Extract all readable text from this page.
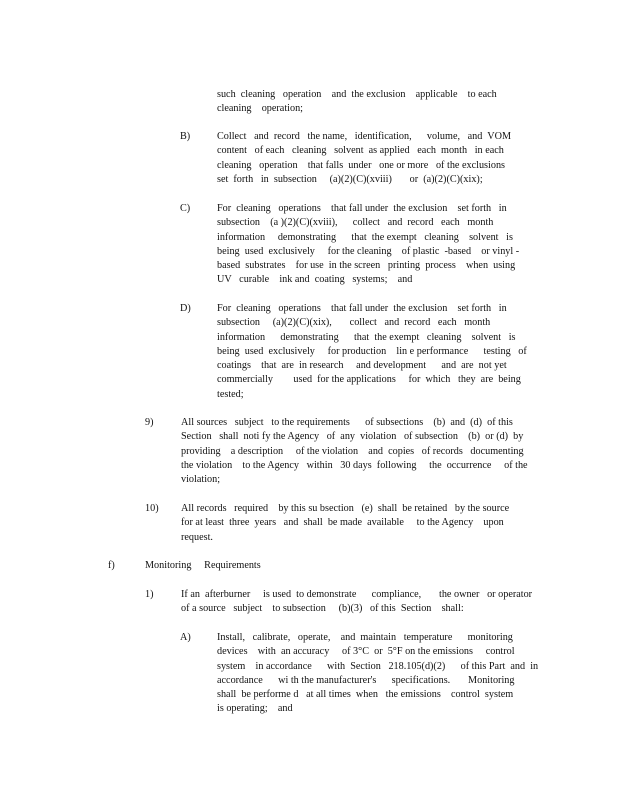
such  cleaning   operation    and  the exclusion    applicable    to each
cleaning    operation;
B)	Collect   and  record   the name,   identification,      volume,   and  VOM
content   of each   cleaning   solvent  as applied   each  month   in each
cleaning   operation    that falls  under   one or more   of the exclusions
set  forth   in  subsection     (a)(2)(C)(xviii)       or  (a)(2)(C)(xix);
C)	For  cleaning   operations    that fall under  the exclusion    set forth   in
subsection    (a )(2)(C)(xviii),      collect   and  record   each   month
information     demonstrating      that  the exempt   cleaning    solvent   is
being  used  exclusively     for the cleaning    of plastic  -based    or vinyl -
based  substrates    for use  in the screen   printing  process    when  using
UV   curable    ink and  coating   systems;    and
D)	For  cleaning   operations    that fall under  the exclusion    set forth   in
subsection     (a)(2)(C)(xix),       collect   and  record   each   month
information      demonstrating      that  the exempt   cleaning    solvent   is
being  used  exclusively     for production    lin e performance      testing   of
coatings    that  are  in research     and development      and  are  not yet
commercially        used  for the applications     for  which   they  are  being
tested;
9)	All sources   subject   to the requirements      of subsections    (b)  and  (d)  of this
Section   shall  noti fy the Agency   of  any  violation   of subsection    (b)  or (d)  by
providing    a description     of the violation    and  copies   of records   documenting
the violation    to the Agency   within   30 days  following     the  occurrence     of the
violation;
10) All records   required    by this su bsection   (e)  shall  be retained   by the source
for at least  three  years   and  shall  be made  available     to the Agency    upon
request.
f)	Monitoring     Requirements
1)	If an  afterburner     is used  to demonstrate      compliance,       the owner   or operator
of a source   subject    to subsection     (b)(3)   of this  Section    shall:
A)	Install,   calibrate,   operate,    and  maintain   temperature      monitoring
devices    with  an accuracy     of 3°C  or  5°F on the emissions     control
system    in accordance      with  Section   218.105(d)(2)      of this Part  and  in
accordance      wi th the manufacturer's      specifications.       Monitoring
shall  be performe d   at all times  when   the emissions    control  system
is operating;    and
